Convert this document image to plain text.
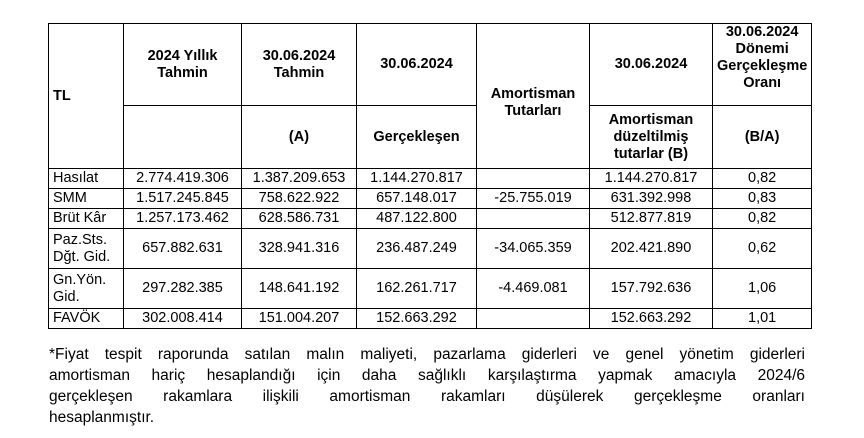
TL	2024 Yıllık Tahmin	30.06.2024 Tahmin	30.06.2024	Amortisman Tutarları	30.06.2024	30.06.2024 Dönemi Gerçekleşme Oranı
		(A)	Gerçekleşen		Amortisman düzeltilmiş tutarlar (B)	(B/A)
Hasılat	2.774.419.306	1.387.209.653	1.144.270.817		1.144.270.817	0,82
SMM	1.517.245.845	758.622.922	657.148.017	-25.755.019	631.392.998	0,83
Brüt Kâr	1.257.173.462	628.586.731	487.122.800		512.877.819	0,82
Paz.Sts. Dğt. Gid.	657.882.631	328.941.316	236.487.249	-34.065.359	202.421.890	0,62
Gn.Yön. Gid.	297.282.385	148.641.192	162.261.717	-4.469.081	157.792.636	1,06
FAVÖK	302.008.414	151.004.207	152.663.292		152.663.292	1,01
*Fiyat tespit raporunda satılan malın maliyeti, pazarlama giderleri ve genel yönetim giderleri
amortisman hariç hesaplandığı için daha sağlıklı karşılaştırma yapmak amacıyla 2024/6
gerçekleşen rakamlara ilişkili amortisman rakamları düşülerek gerçekleşme oranları
hesaplanmıştır.
